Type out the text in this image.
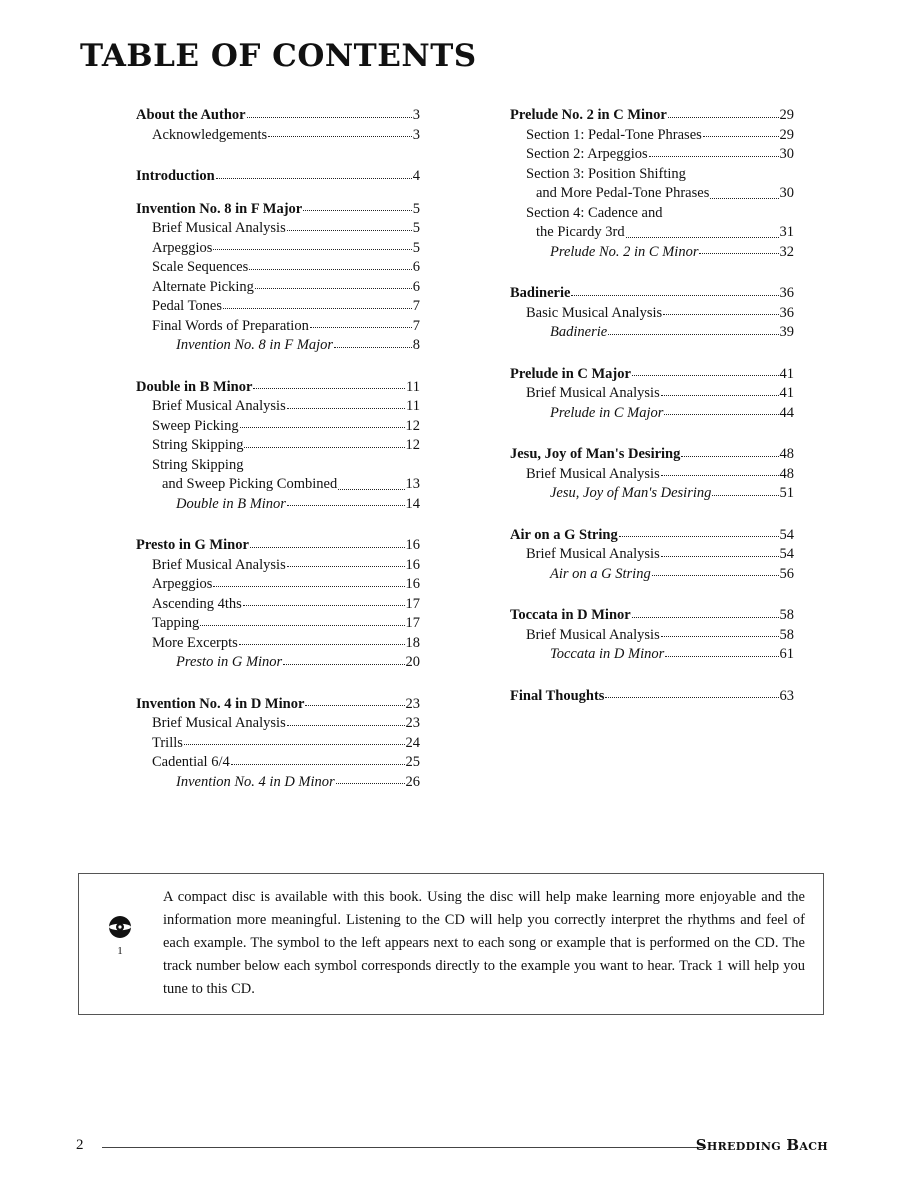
TABLE OF CONTENTS
About the Author	3
Acknowledgements	3
Introduction	4
Invention No. 8 in F Major	5
Brief Musical Analysis	5
Arpeggios	5
Scale Sequences	6
Alternate Picking	6
Pedal Tones	7
Final Words of Preparation	7
Invention No. 8 in F Major	8
Double in B Minor	11
Brief Musical Analysis	11
Sweep Picking	12
String Skipping	12
String Skipping
and Sweep Picking Combined	13
Double in B Minor	14
Presto in G Minor	16
Brief Musical Analysis	16
Arpeggios	16
Ascending 4ths	17
Tapping	17
More Excerpts	18
Presto in G Minor	20
Invention No. 4 in D Minor	23
Brief Musical Analysis	23
Trills	24
Cadential 6/4	25
Invention No. 4 in D Minor	26
Prelude No. 2 in C Minor	29
Section 1: Pedal-Tone Phrases	29
Section 2: Arpeggios	30
Section 3: Position Shifting
and More Pedal-Tone Phrases	30
Section 4: Cadence and
the Picardy 3rd	31
Prelude No. 2 in C Minor	32
Badinerie	36
Basic Musical Analysis	36
Badinerie	39
Prelude in C Major	41
Brief Musical Analysis	41
Prelude in C Major	44
Jesu, Joy of Man's Desiring	48
Brief Musical Analysis	48
Jesu, Joy of Man's Desiring	51
Air on a G String	54
Brief Musical Analysis	54
Air on a G String	56
Toccata in D Minor	58
Brief Musical Analysis	58
Toccata in D Minor	61
Final Thoughts	63
1

A compact disc is available with this book. Using the disc will help make learning more enjoyable and the information more meaningful. Listening to the CD will help you correctly interpret the rhythms and feel of each example. The symbol to the left appears next to each song or example that is performed on the CD. The track number below each symbol corresponds directly to the example you want to hear. Track 1 will help you tune to this CD.

2	Shredding Bach
